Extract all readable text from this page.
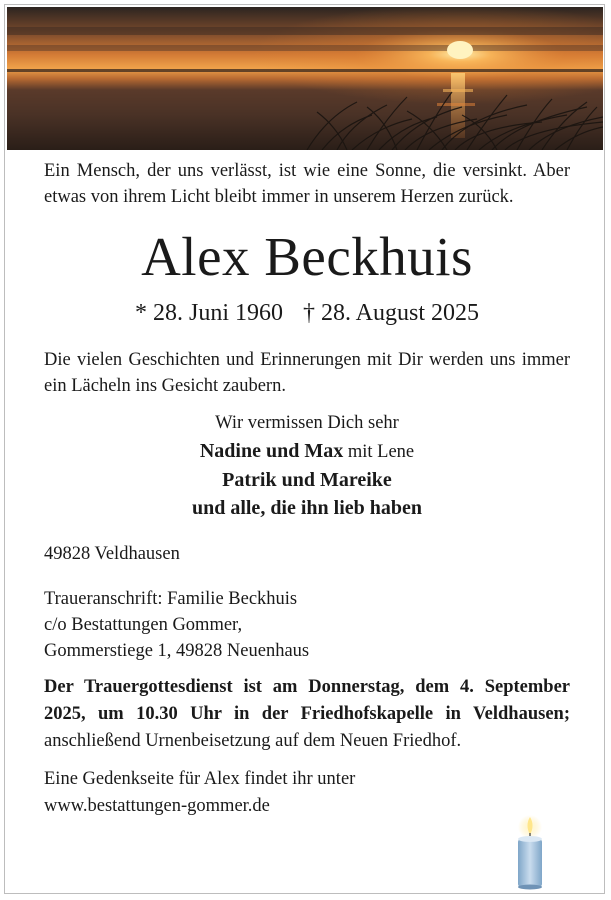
Ein Mensch, der uns verlässt, ist wie eine Sonne, die versinkt. Aber etwas von ihrem Licht bleibt immer in unserem Herzen zurück.

Alex Beckhuis
* 28. Juni 1960 † 28. August 2025

Die vielen Geschichten und Erinnerungen mit Dir werden uns immer ein Lächeln ins Gesicht zaubern.

Wir vermissen Dich sehr
Nadine und Max mit Lene
Patrik und Mareike
und alle, die ihn lieb haben
49828 Veldhausen
Traueranschrift: Familie Beckhuis
c/o Bestattungen Gommer,
Gommerstiege 1, 49828 Neuenhaus
Der Trauergottesdienst ist am Donnerstag, dem 4. September 2025, um 10.30 Uhr in der Friedhofskapelle in Veldhausen; anschließend Urnenbeisetzung auf dem Neuen Friedhof.
Eine Gedenkseite für Alex findet ihr unter
www.bestattungen-gommer.de
